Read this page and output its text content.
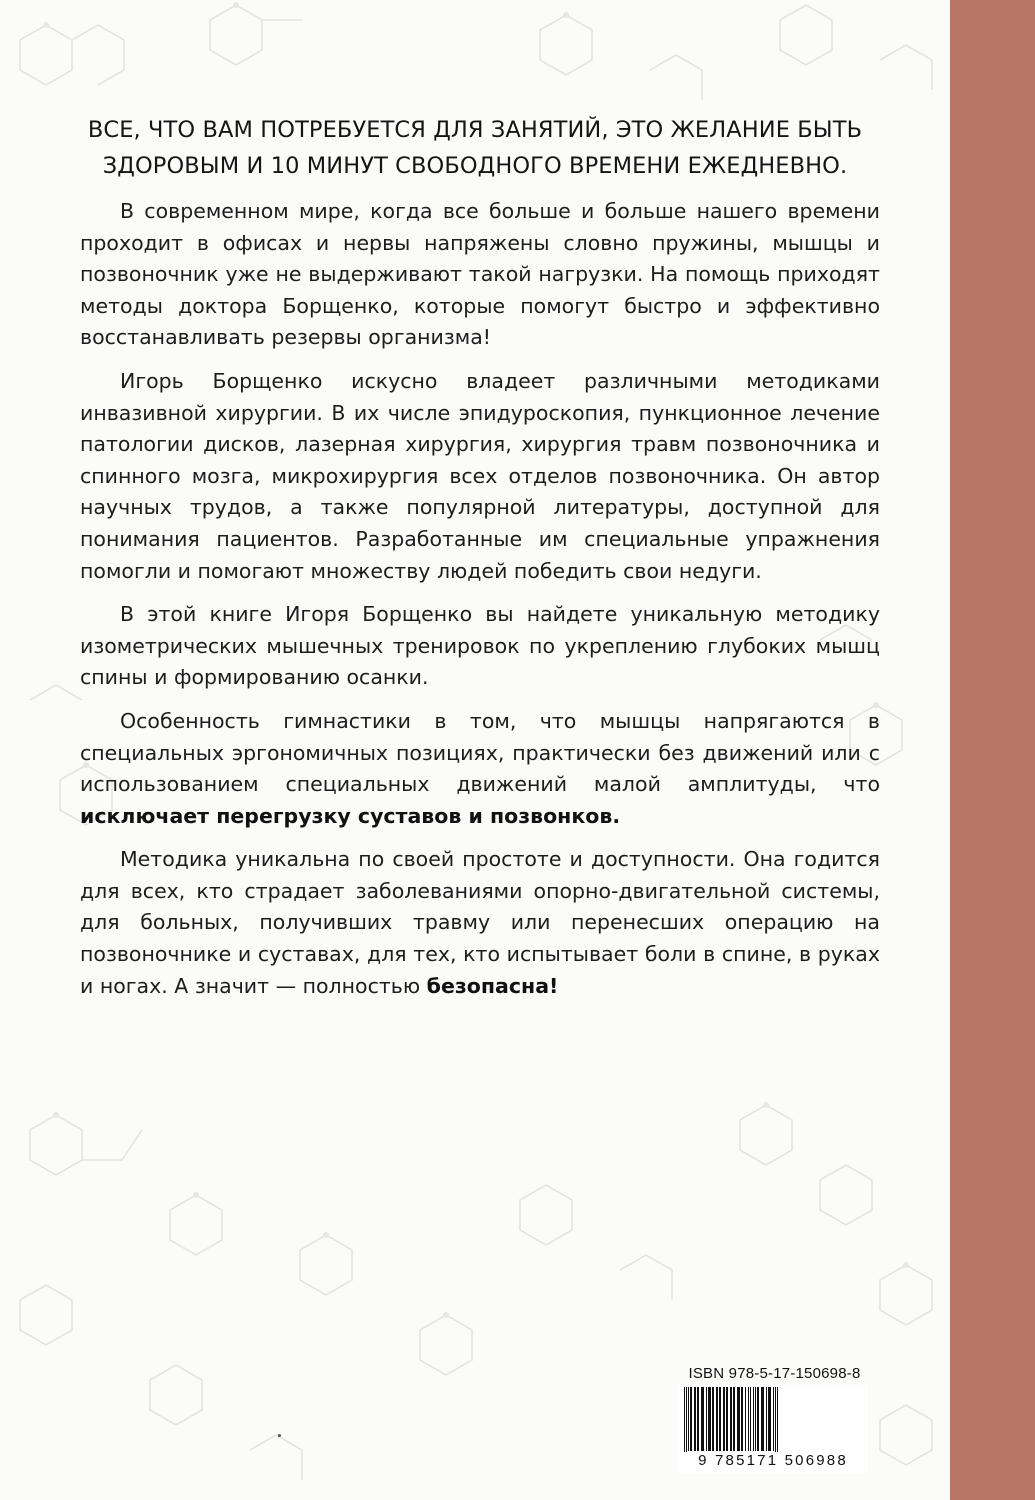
ВСЕ, ЧТО ВАМ ПОТРЕБУЕТСЯ ДЛЯ ЗАНЯТИЙ, ЭТО ЖЕЛАНИЕ БЫТЬ ЗДОРОВЫМ И 10 МИНУТ СВОБОДНОГО ВРЕМЕНИ ЕЖЕДНЕВНО.

В современном мире, когда все больше и больше нашего времени проходит в офисах и нервы напряжены словно пружины, мышцы и позвоночник уже не выдерживают такой нагрузки. На помощь приходят методы доктора Борщенко, которые помогут быстро и эффективно восстанавливать резервы организма!

Игорь Борщенко искусно владеет различными методиками инвазивной хирургии. В их числе эпидуроскопия, пункционное лечение патологии дисков, лазерная хирургия, хирургия травм позвоночника и спинного мозга, микрохирургия всех отделов позвоночника. Он автор научных трудов, а также популярной литературы, доступной для понимания пациентов. Разработанные им специальные упражнения помогли и помогают множеству людей победить свои недуги.

В этой книге Игоря Борщенко вы найдете уникальную методику изометрических мышечных тренировок по укреплению глубоких мышц спины и формированию осанки.

Особенность гимнастики в том, что мышцы напрягаются в специальных эргономичных позициях, практически без движений или с использованием специальных движений малой амплитуды, что исключает перегрузку суставов и позвонков.

Методика уникальна по своей простоте и доступности. Она годится для всех, кто страдает заболеваниями опорно-двигательной системы, для больных, получивших травму или перенесших операцию на позвоночнике и суставах, для тех, кто испытывает боли в спине, в руках и ногах. А значит — полностью безопасна!

ISBN 978-5-17-150698-8
9 785171 506988
